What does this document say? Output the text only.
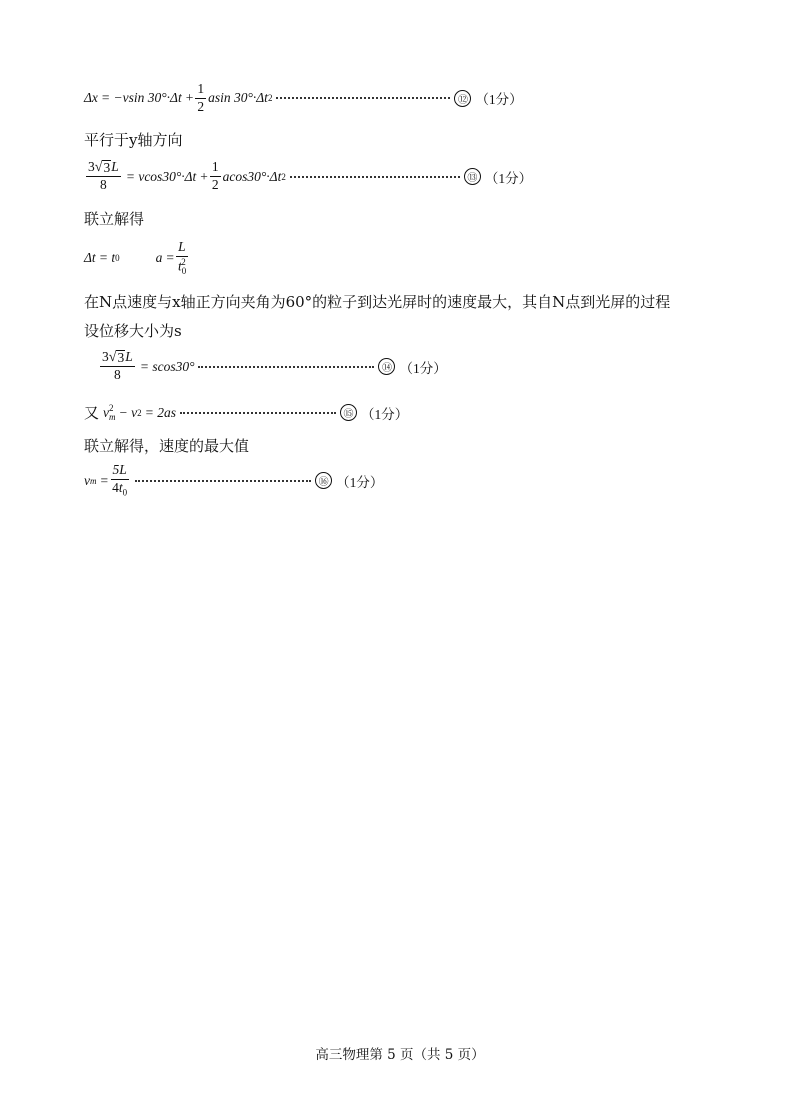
Δx = −vsin $30^\circ\cdot\Delta t + \frac{1}{2}$ asin 30°·Δt 2	⑫ （1分）
平行于y轴方向
$\frac{3 √ 3 L}{8} = vcos30^\circ\cdot\Delta t + \frac{1}{2} acos30^\circ\cdot\Delta t$ 2	⑬ （1分）
联立解得
Δt = t 0	$a = \frac{L}{t_0^2}$
在N点速度与x轴正方向夹角为60°的粒子到达光屏时的速度最大，其自N点到光屏的过程
设位移大小为s
$\frac{3 √ 3 L}{8} = scos30^\circ$	⑭ （1分）
又 v 2
m − v 2 = 2as	⑮ （1分）
联立解得，速度的最大值
v $m = \frac{5L}{4t_0}$	⑯ （1分）
高三物理第 5 页（共 5 页）
